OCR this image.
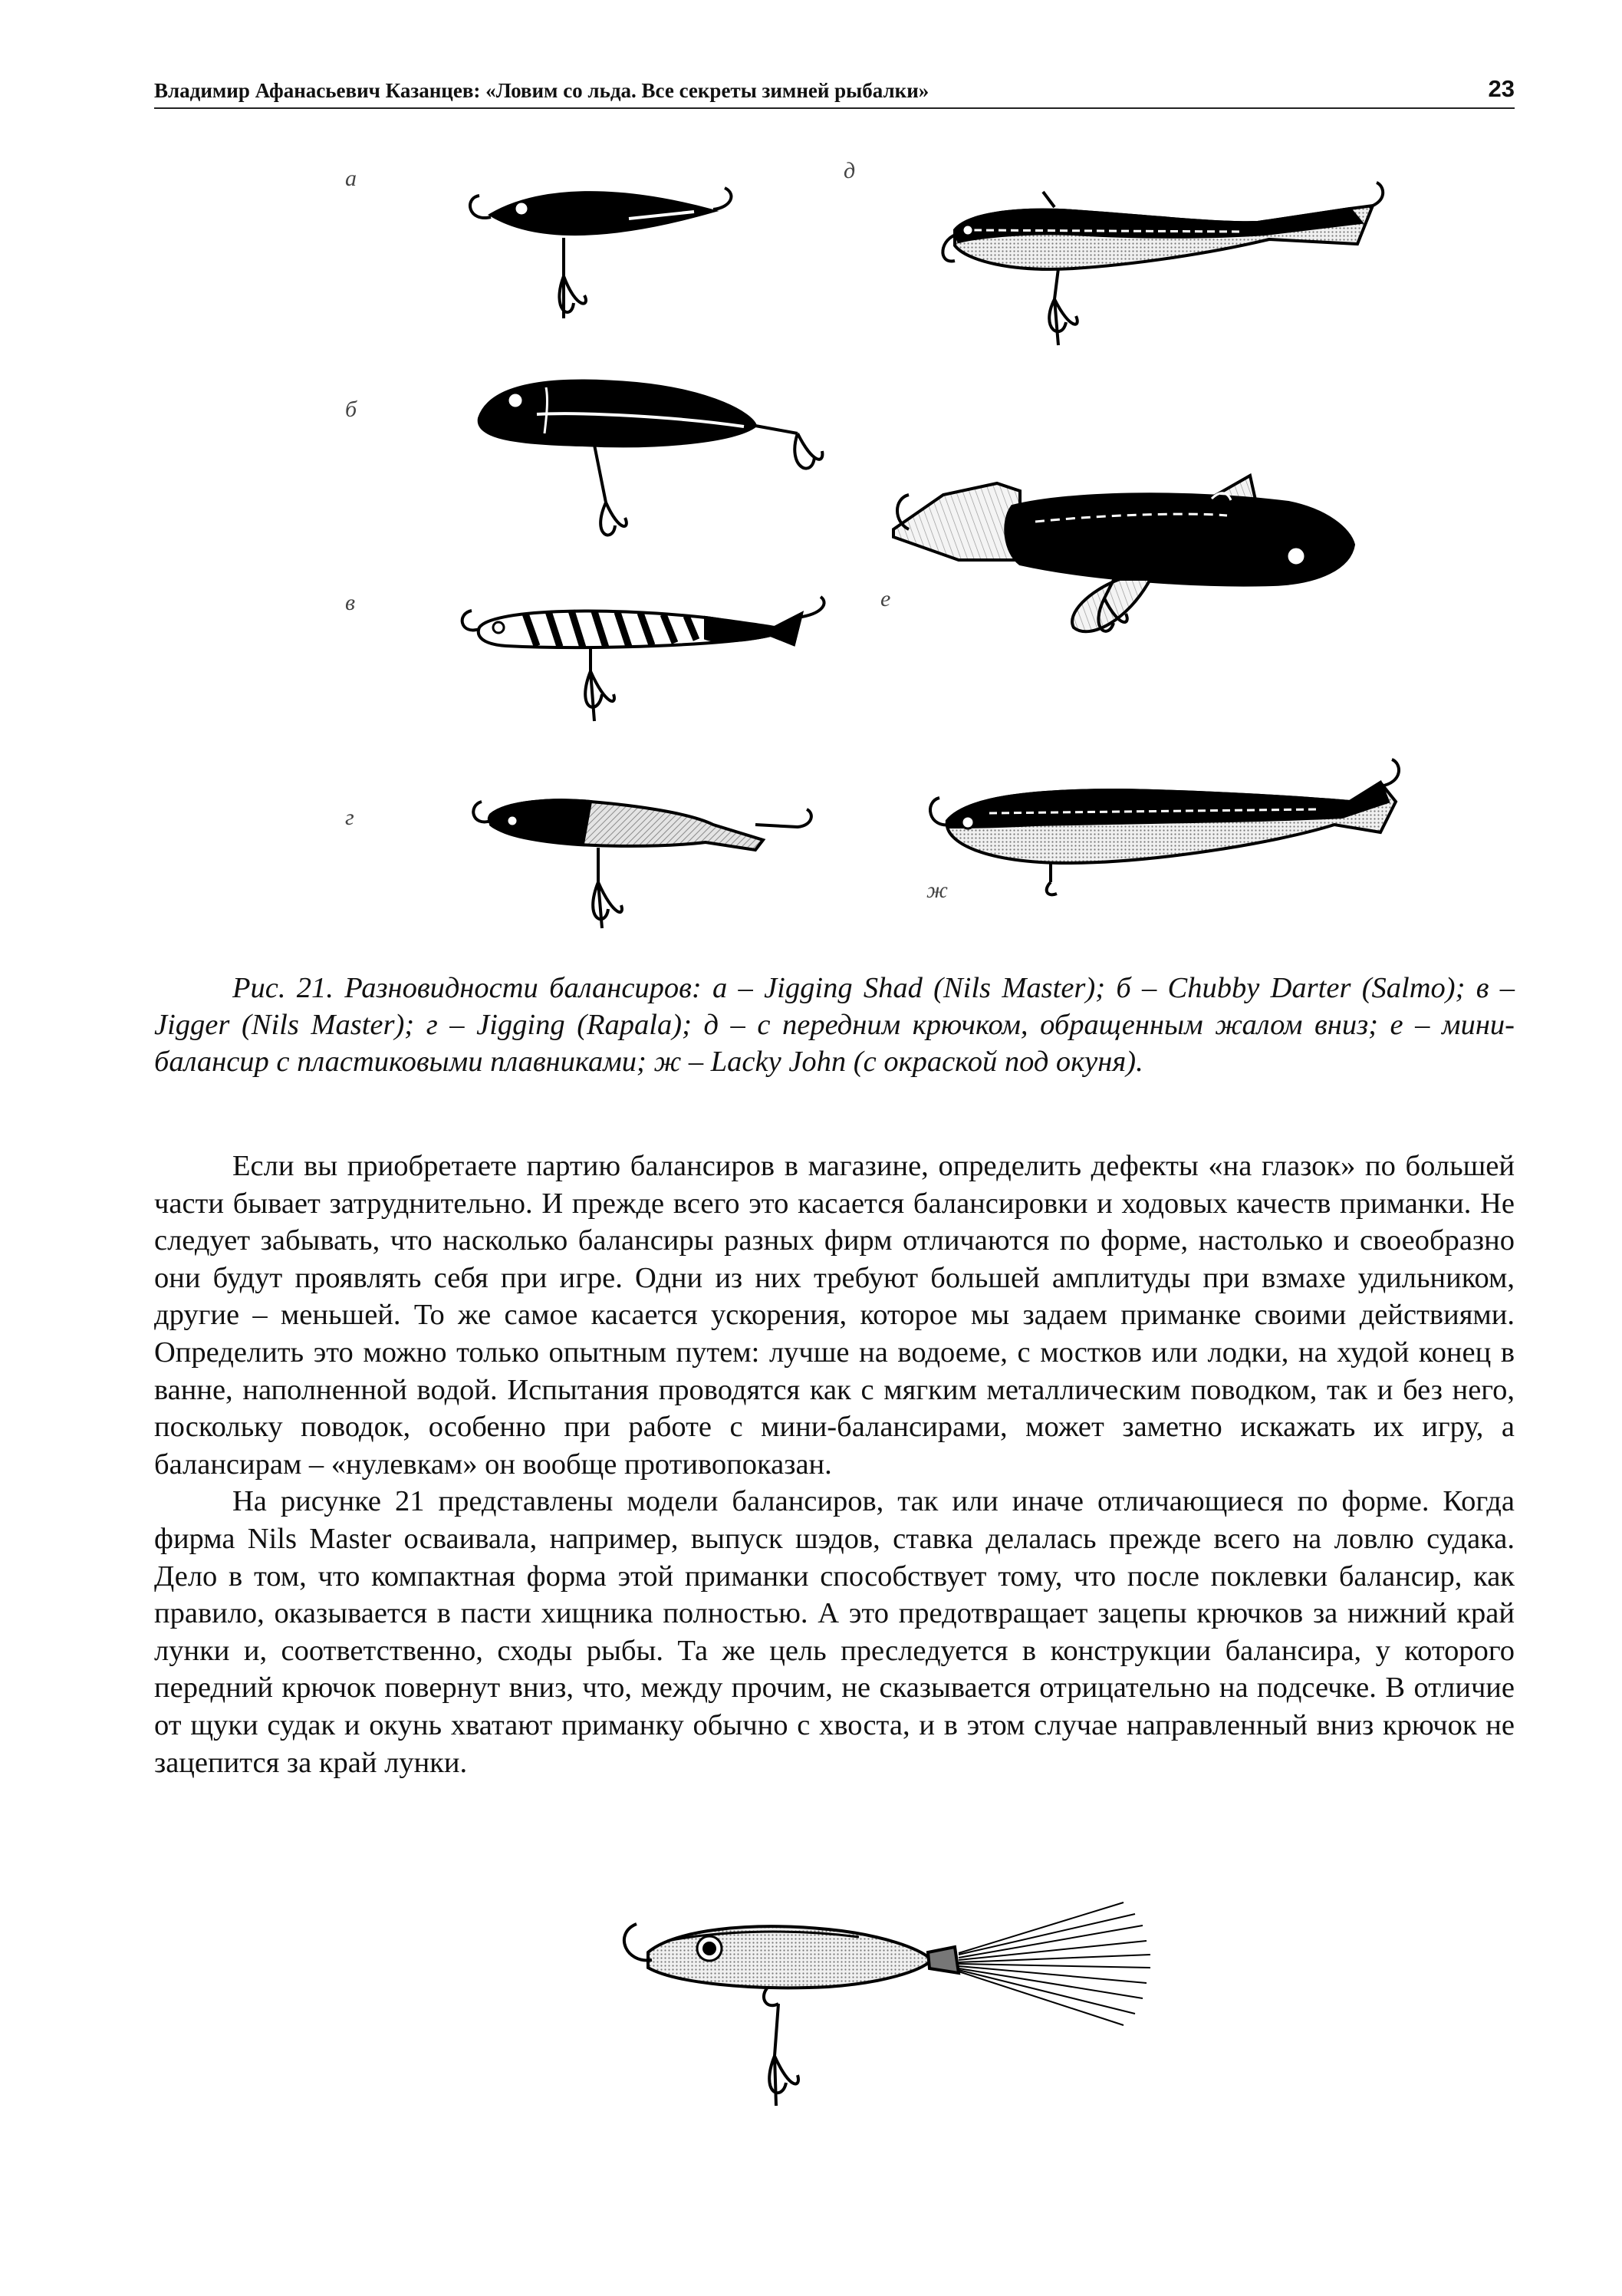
Владимир Афанасьевич Казанцев: «Ловим со льда. Все секреты зимней рыбалки»	23
а
б
в
г
д
е
ж

Рис. 21. Разновидности балансиров: а – Jigging Shad (Nils Master); б – Chubby Darter (Salmo); в – Jigger (Nils Master); г – Jigging (Rapala); д – с передним крючком, обращенным жалом вниз; е – мини-балансир с пластиковыми плавниками; ж – Lacky John (с окраской под окуня).

Если вы приобретаете партию балансиров в магазине, определить дефекты «на глазок» по большей части бывает затруднительно. И прежде всего это касается балансировки и ходовых качеств приманки. Не следует забывать, что насколько балансиры разных фирм отличаются по форме, настолько и своеобразно они будут проявлять себя при игре. Одни из них требуют большей амплитуды при взмахе удильником, другие – меньшей. То же самое касается ускорения, которое мы задаем приманке своими действиями. Определить это можно только опытным путем: лучше на водоеме, с мостков или лодки, на худой конец в ванне, наполненной водой. Испытания проводятся как с мягким металлическим поводком, так и без него, поскольку поводок, особенно при работе с мини-балансирами, может заметно искажать их игру, а балансирам – «нулевкам» он вообще противопоказан.

На рисунке 21 представлены модели балансиров, так или иначе отличающиеся по форме. Когда фирма Nils Master осваивала, например, выпуск шэдов, ставка делалась прежде всего на ловлю судака. Дело в том, что компактная форма этой приманки способствует тому, что после поклевки балансир, как правило, оказывается в пасти хищника полностью. А это предотвращает зацепы крючков за нижний край лунки и, соответственно, сходы рыбы. Та же цель преследуется в конструкции балансира, у которого передний крючок повернут вниз, что, между прочим, не сказывается отрицательно на подсечке. В отличие от щуки судак и окунь хватают приманку обычно с хвоста, и в этом случае направленный вниз крючок не зацепится за край лунки.
